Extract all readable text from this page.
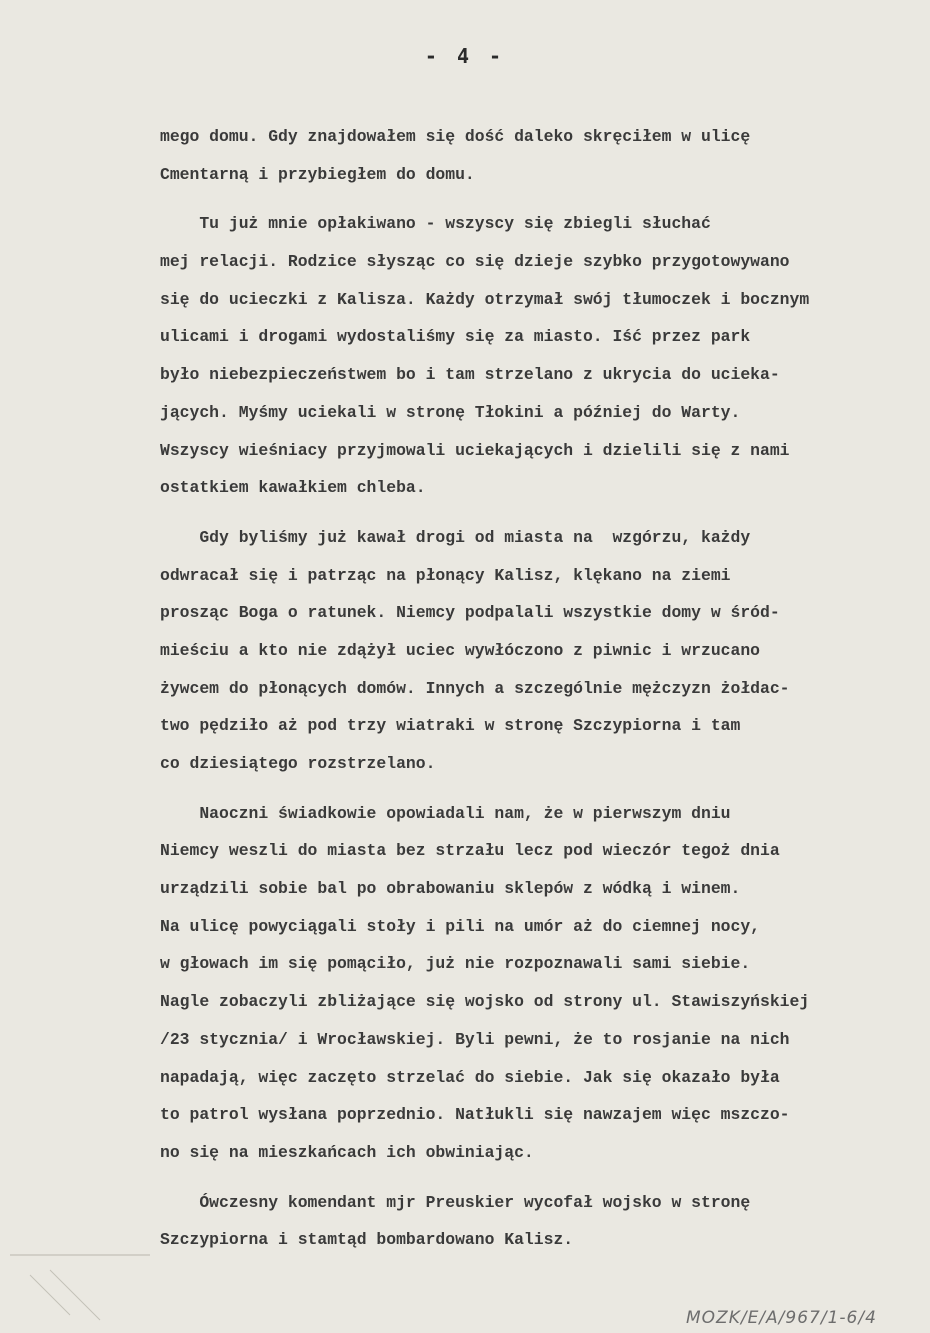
- 4 -
mego domu. Gdy znajdowałem się dość daleko skręciłem w ulicę
Cmentarną i przybiegłem do domu.
Tu już mnie opłakiwano - wszyscy się zbiegli słuchać
mej relacji. Rodzice słysząc co się dzieje szybko przygotowywano
się do ucieczki z Kalisza. Każdy otrzymał swój tłumoczek i bocznym
ulicami i drogami wydostaliśmy się za miasto. Iść przez park
było niebezpieczeństwem bo i tam strzelano z ukrycia do ucieka-
jących. Myśmy uciekali w stronę Tłokini a później do Warty.
Wszyscy wieśniacy przyjmowali uciekających i dzielili się z nami
ostatkiem kawałkiem chleba.
Gdy byliśmy już kawał drogi od miasta na  wzgórzu, każdy
odwracał się i patrząc na płonący Kalisz, klękano na ziemi
prosząc Boga o ratunek. Niemcy podpalali wszystkie domy w śród-
mieściu a kto nie zdążył uciec wywłóczono z piwnic i wrzucano
żywcem do płonących domów. Innych a szczególnie mężczyzn żołdac-
two pędziło aż pod trzy wiatraki w stronę Szczypiorna i tam
co dziesiątego rozstrzelano.
Naoczni świadkowie opowiadali nam, że w pierwszym dniu
Niemcy weszli do miasta bez strzału lecz pod wieczór tegoż dnia
urządzili sobie bal po obrabowaniu sklepów z wódką i winem.
Na ulicę powyciągali stoły i pili na umór aż do ciemnej nocy,
w głowach im się pomąciło, już nie rozpoznawali sami siebie.
Nagle zobaczyli zbliżające się wojsko od strony ul. Stawiszyńskiej
/23 stycznia/ i Wrocławskiej. Byli pewni, że to rosjanie na nich
napadają, więc zaczęto strzelać do siebie. Jak się okazało była
to patrol wysłana poprzednio. Natłukli się nawzajem więc mszczo-
no się na mieszkańcach ich obwiniając.
Ówczesny komendant mjr Preuskier wycofał wojsko w stronę
Szczypiorna i stamtąd bombardowano Kalisz.
MOZK/E/A/967/1-6/4
